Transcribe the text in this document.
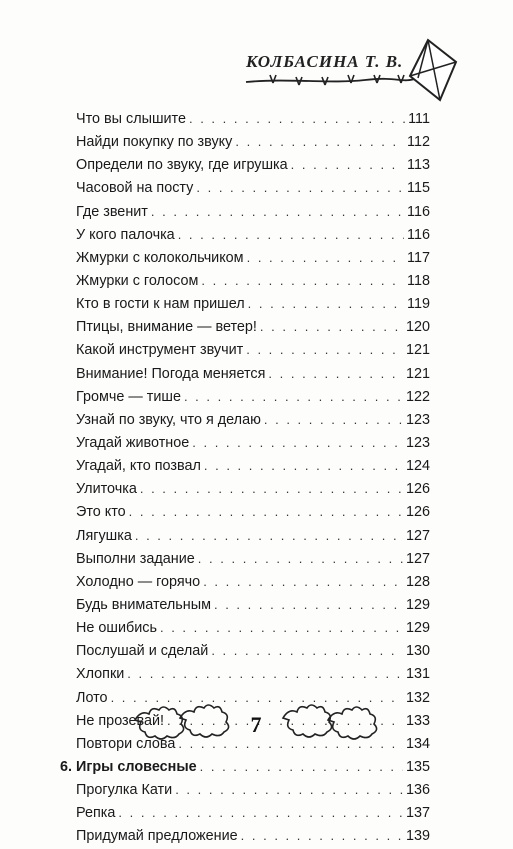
КОЛБАСИНА Т. В.
Что вы слышите . . .	111
Найди покупку по звуку . . .	112
Определи по звуку, где игрушка . . .	113
Часовой на посту . . .	115
Где звенит . . .	116
У кого палочка . . .	116
Жмурки с колокольчиком . . .	117
Жмурки с голосом . . .	118
Кто в гости к нам пришел . . .	119
Птицы, внимание — ветер! . . .	120
Какой инструмент звучит . . .	121
Внимание! Погода меняется . . .	121
Громче — тише . . .	122
Узнай по звуку, что я делаю . . .	123
Угадай животное . . .	123
Угадай, кто позвал . . .	124
Улиточка . . .	126
Это кто . . .	126
Лягушка . . .	127
Выполни задание . . .	127
Холодно — горячо . . .	128
Будь внимательным . . .	129
Не ошибись . . .	129
Послушай и сделай . . .	130
Хлопки . . .	131
Лото . . .	132
Не прозевай! . . .	133
Повтори слова . . .	134
6. Игры словесные . . .	135
Прогулка Кати . . .	136
Репка . . .	137
Придумай предложение . . .	139
7
